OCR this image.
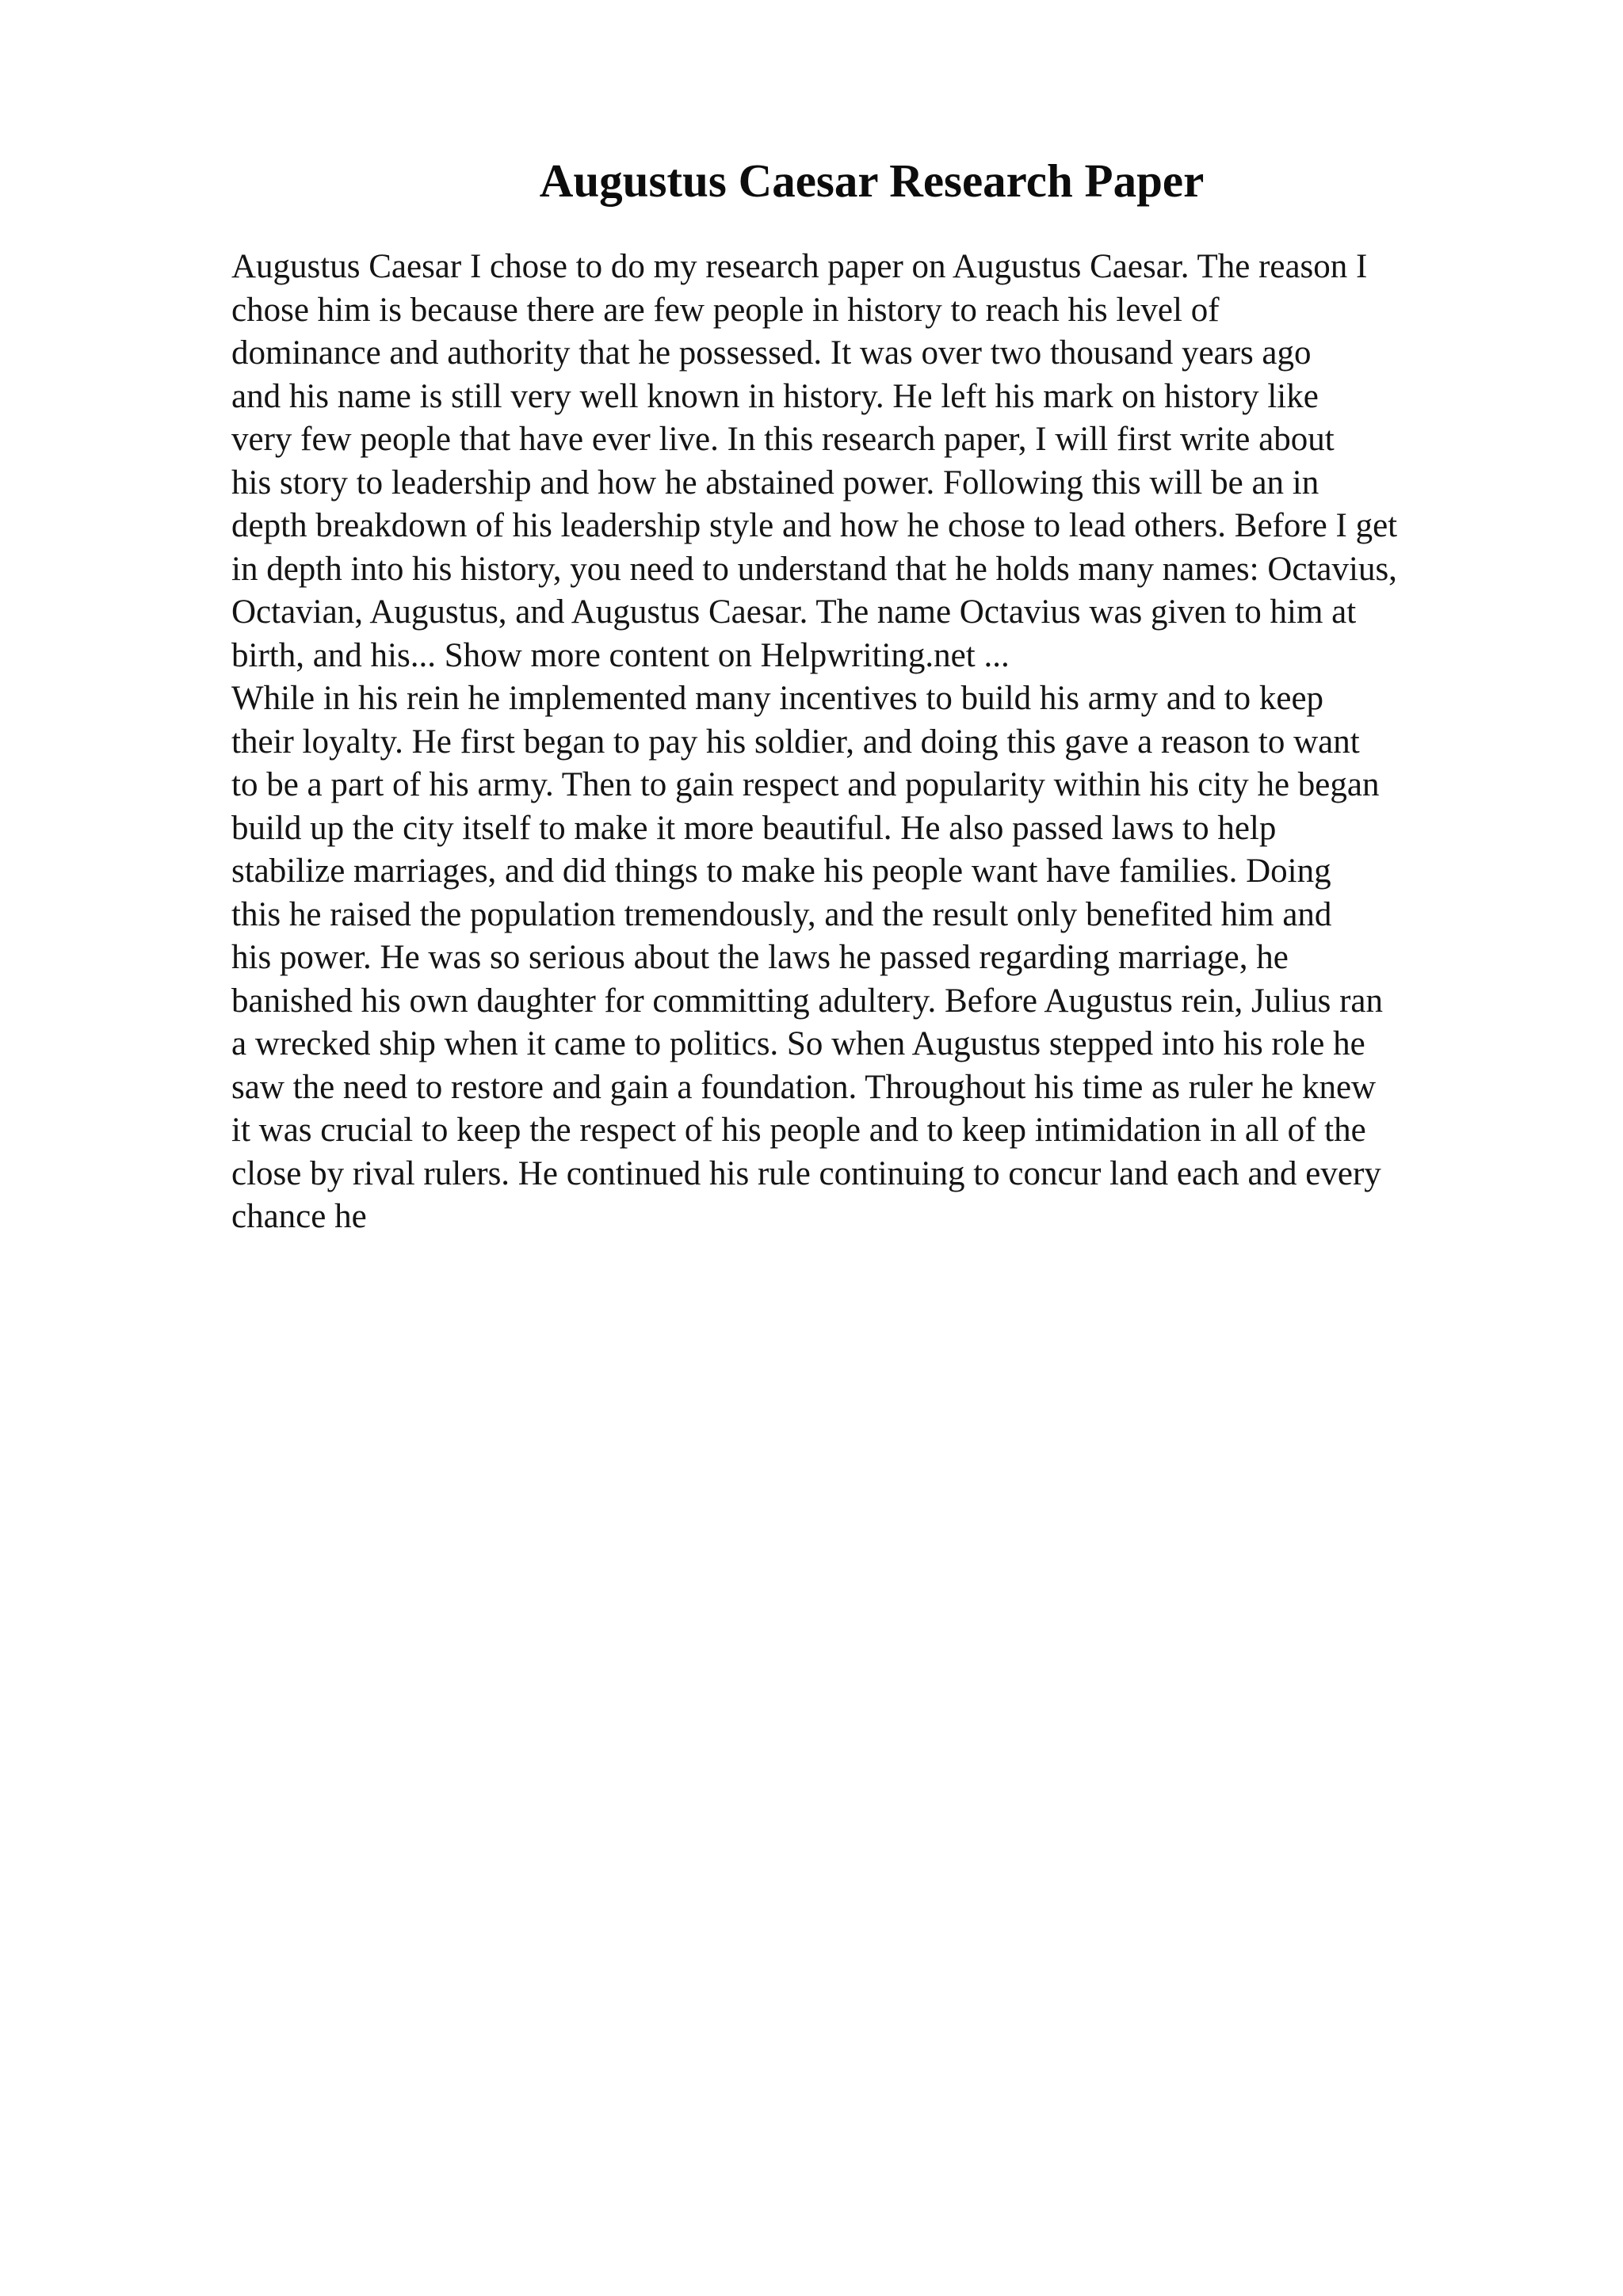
Augustus Caesar Research Paper
Augustus Caesar I chose to do my research paper on Augustus Caesar. The reason I
chose him is because there are few people in history to reach his level of
dominance and authority that he possessed. It was over two thousand years ago
and his name is still very well known in history. He left his mark on history like
very few people that have ever live. In this research paper, I will first write about
his story to leadership and how he abstained power. Following this will be an in
depth breakdown of his leadership style and how he chose to lead others. Before I get
in depth into his history, you need to understand that he holds many names: Octavius,
Octavian, Augustus, and Augustus Caesar. The name Octavius was given to him at
birth, and his... Show more content on Helpwriting.net ...
While in his rein he implemented many incentives to build his army and to keep
their loyalty. He first began to pay his soldier, and doing this gave a reason to want
to be a part of his army. Then to gain respect and popularity within his city he began
build up the city itself to make it more beautiful. He also passed laws to help
stabilize marriages, and did things to make his people want have families. Doing
this he raised the population tremendously, and the result only benefited him and
his power. He was so serious about the laws he passed regarding marriage, he
banished his own daughter for committing adultery. Before Augustus rein, Julius ran
a wrecked ship when it came to politics. So when Augustus stepped into his role he
saw the need to restore and gain a foundation. Throughout his time as ruler he knew
it was crucial to keep the respect of his people and to keep intimidation in all of the
close by rival rulers. He continued his rule continuing to concur land each and every
chance he
